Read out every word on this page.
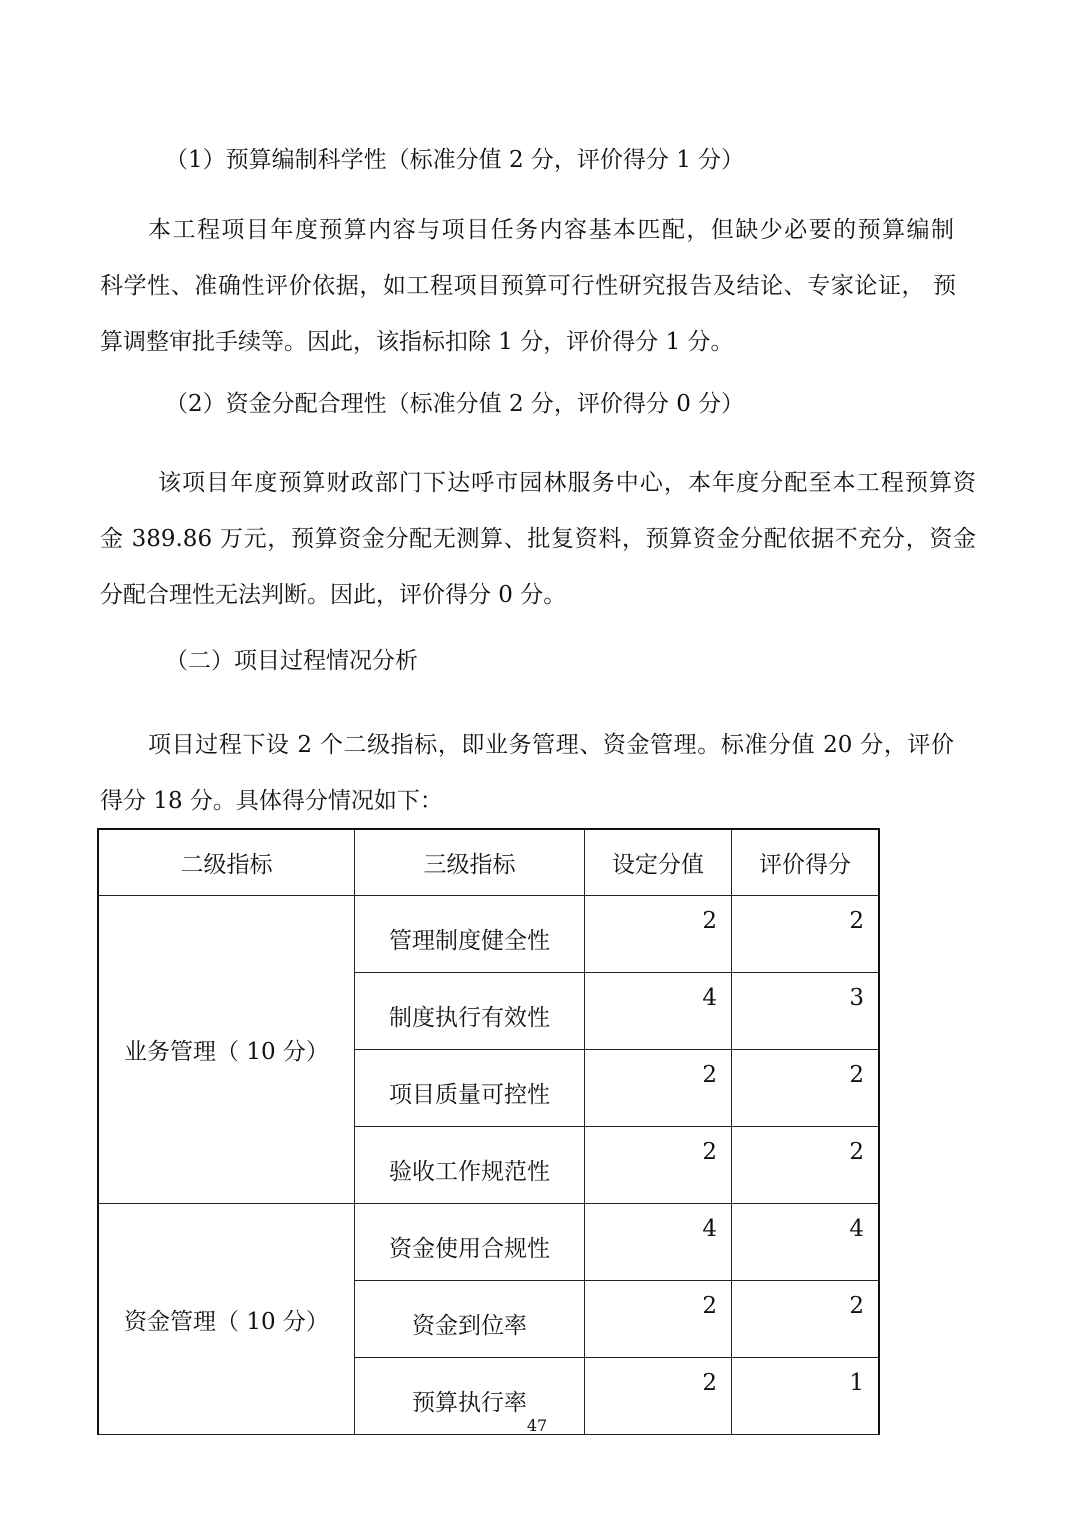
（1）预算编制科学性（标准分值 2 分，评价得分 1 分）
本工程项目年度预算内容与项目任务内容基本匹配，但缺少必要的预算编制
科学性、准确性评价依据，如工程项目预算可行性研究报告及结论、专家论证， 预
算调整审批手续等。因此，该指标扣除 1 分，评价得分 1 分。
（2）资金分配合理性（标准分值 2 分，评价得分 0 分）
该项目年度预算财政部门下达呼市园林服务中心，本年度分配至本工程预算资
金 389.86 万元，预算资金分配无测算、批复资料，预算资金分配依据不充分，资金
分配合理性无法判断。因此，评价得分 0 分。
（二）项目过程情况分析
项目过程下设 2 个二级指标，即业务管理、资金管理。标准分值 20 分，评价
得分 18 分。具体得分情况如下：
二级指标	三级指标	设定分值	评价得分
业务管理（ 10 分）	管理制度健全性	2	2
	制度执行有效性	4	3
	项目质量可控性	2	2
	验收工作规范性	2	2
资金管理（ 10 分）	资金使用合规性	4	4
	资金到位率	2	2
	预算执行率	2	1
47
